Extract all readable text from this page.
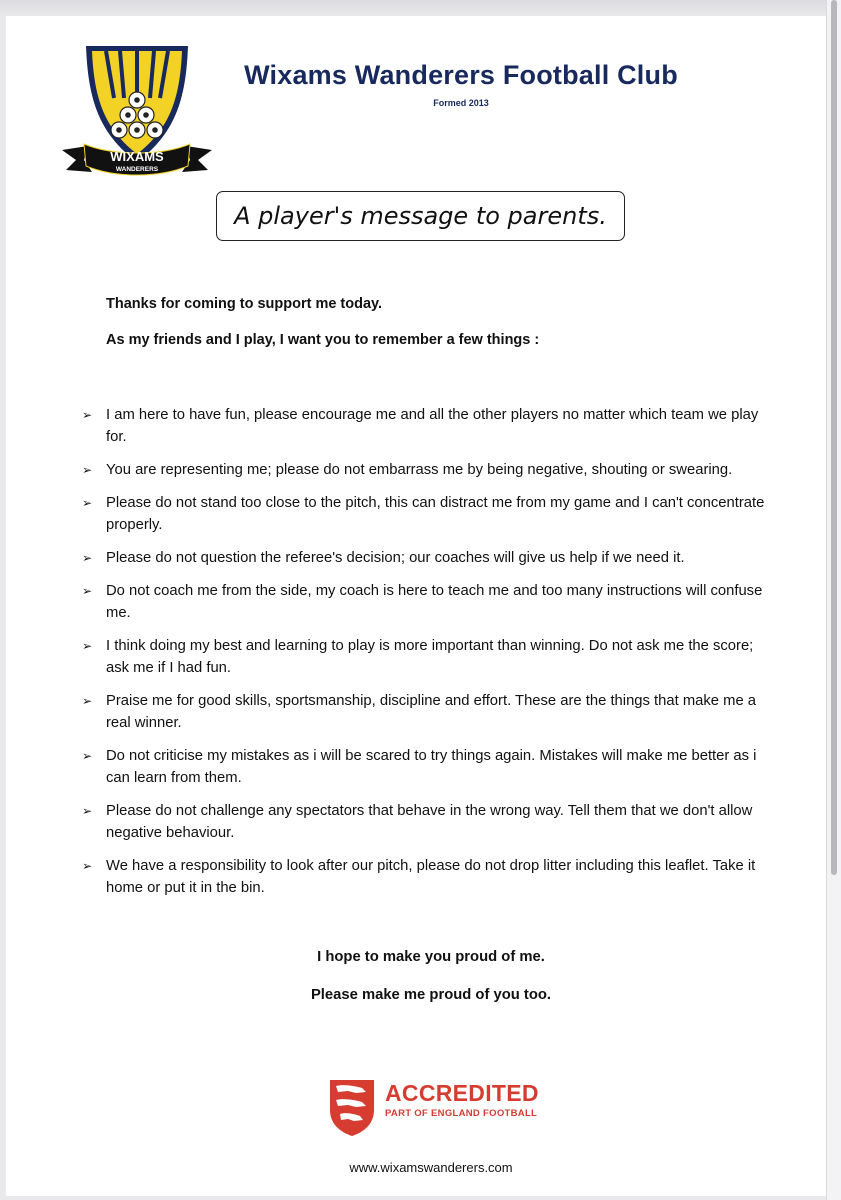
WIXAMS
WANDERERS
Wixams Wanderers Football Club
Formed 2013
A player's message to parents.
Thanks for coming to support me today.
As my friends and I play, I want you to remember a few things :
➢ I am here to have fun, please encourage me and all the other players no matter which team we play for.
➢ You are representing me; please do not embarrass me by being negative, shouting or swearing.
➢ Please do not stand too close to the pitch, this can distract me from my game and I can't concentrate properly.
➢ Please do not question the referee's decision; our coaches will give us help if we need it.
➢ Do not coach me from the side, my coach is here to teach me and too many instructions will confuse me.
➢ I think doing my best and learning to play is more important than winning. Do not ask me the score; ask me if I had fun.
➢ Praise me for good skills, sportsmanship, discipline and effort. These are the things that make me a real winner.
➢ Do not criticise my mistakes as i will be scared to try things again. Mistakes will make me better as i can learn from them.
➢ Please do not challenge any spectators that behave in the wrong way. Tell them that we don't allow negative behaviour.
➢ We have a responsibility to look after our pitch, please do not drop litter including this leaflet. Take it home or put it in the bin.
I hope to make you proud of me.
Please make me proud of you too.
ACCREDITED
PART OF ENGLAND FOOTBALL
www.wixamswanderers.com
